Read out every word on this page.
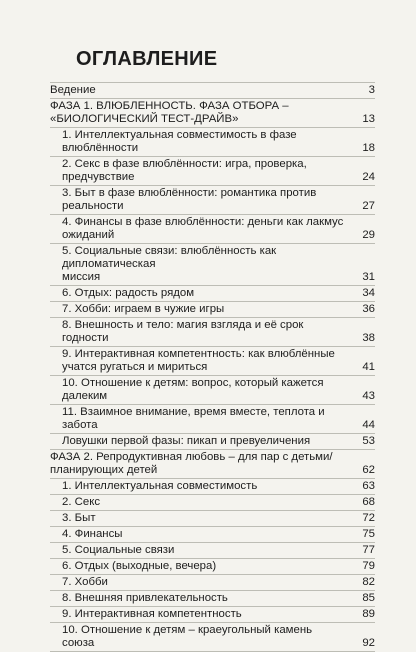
ОГЛАВЛЕНИЕ
Ведение	3
ФАЗА 1. ВЛЮБЛЕННОСТЬ. ФАЗА ОТБОРА –
«БИОЛОГИЧЕСКИЙ ТЕСТ-ДРАЙВ»	13
1. Интеллектуальная совместимость в фазе влюблённости	18
2. Секс в фазе влюблённости: игра, проверка,
предчувствие	24
3. Быт в фазе влюблённости: романтика против
реальности	27
4. Финансы в фазе влюблённости: деньги как лакмус
ожиданий	29
5. Социальные связи: влюблённость как дипломатическая
миссия	31
6. Отдых: радость рядом	34
7. Хобби: играем в чужие игры	36
8. Внешность и тело: магия взгляда и её срок годности	38
9. Интерактивная компетентность: как влюблённые
учатся ругаться и мириться	41
10. Отношение к детям: вопрос, который кажется
далеким	43
11. Взаимное внимание, время вместе, теплота и забота	44
Ловушки первой фазы: пикап и превуеличения	53
ФАЗА 2. Репродуктивная любовь – для пар с детьми/
планирующих детей	62
1. Интеллектуальная совместимость	63
2. Секс	68
3. Быт	72
4. Финансы	75
5. Социальные связи	77
6. Отдых (выходные, вечера)	79
7. Хобби	82
8. Внешняя привлекательность	85
9. Интерактивная компетентность	89
10. Отношение к детям – краеугольный камень союза	92
